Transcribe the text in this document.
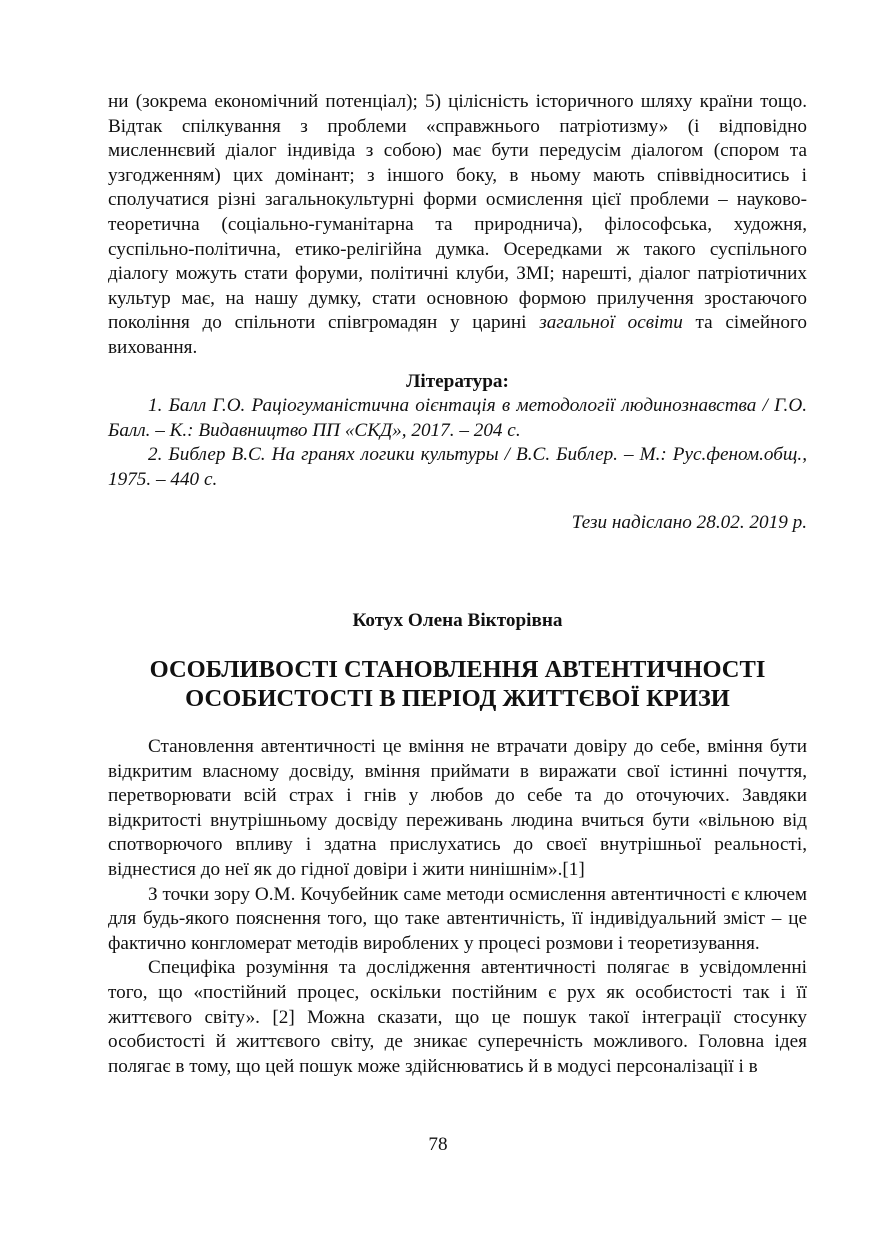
ни (зокрема економічний потенціал); 5) цілісність історичного шляху країни тощо. Відтак спілкування з проблеми «справжнього патріотизму» (і відповідно мисленнєвий діалог індивіда з собою) має бути передусім діалогом (спором та узгодженням) цих домінант; з іншого боку, в ньому мають співвідноситись і сполучатися різні загальнокультурні форми осмислення цієї проблеми – науково-теоретична (соціально-гуманітарна та природнича), філософська, художня, суспільно-політична, етико-релігійна думка. Осередками ж такого суспільного діалогу можуть стати форуми, політичні клуби, ЗМІ; нарешті, діалог патріотичних культур має, на нашу думку, стати основною формою прилучення зростаючого покоління до спільноти співгромадян у царині загальної освіти та сімейного виховання.

Література:

1. Балл Г.О. Раціогуманістична оієнтація в методології людинознавства / Г.О. Балл. – К.: Видавництво ПП «СКД», 2017. – 204 с.

2. Библер В.С. На гранях логики культуры / В.С. Библер. – М.: Рус.феном.общ., 1975. – 440 с.

Тези надіслано 28.02. 2019 р.

Котух Олена Вікторівна
ОСОБЛИВОСТІ СТАНОВЛЕННЯ АВТЕНТИЧНОСТІ
ОСОБИСТОСТІ В ПЕРІОД ЖИТТЄВОЇ КРИЗИ

Становлення автентичності це вміння не втрачати довіру до себе, вміння бути відкритим власному досвіду, вміння приймати в виражати свої істинні почуття, перетворювати всій страх і гнів у любов до себе та до оточуючих. Завдяки відкритості внутрішньому досвіду переживань людина вчиться бути «вільною від спотворючого впливу і здатна прислухатись до своєї внутрішньої реальності, віднестися до неї як до гідної довіри і жити нинішнім».[1]

З точки зору О.М. Кочубейник саме методи осмислення автентичності є ключем для будь-якого пояснення того, що таке автентичність, її індивідуальний зміст – це фактично конгломерат методів вироблених у процесі розмови і теоретизування.

Специфіка розуміння та дослідження автентичності полягає в усвідомленні того, що «постійний процес, оскільки постійним є рух як особистості так і її життєвого світу». [2] Можна сказати, що це пошук такої інтеграції стосунку особистості й життєвого світу, де зникає суперечність можливого. Головна ідея полягає в тому, що цей пошук може здійснюватись й в модусі персоналізації і в

78
